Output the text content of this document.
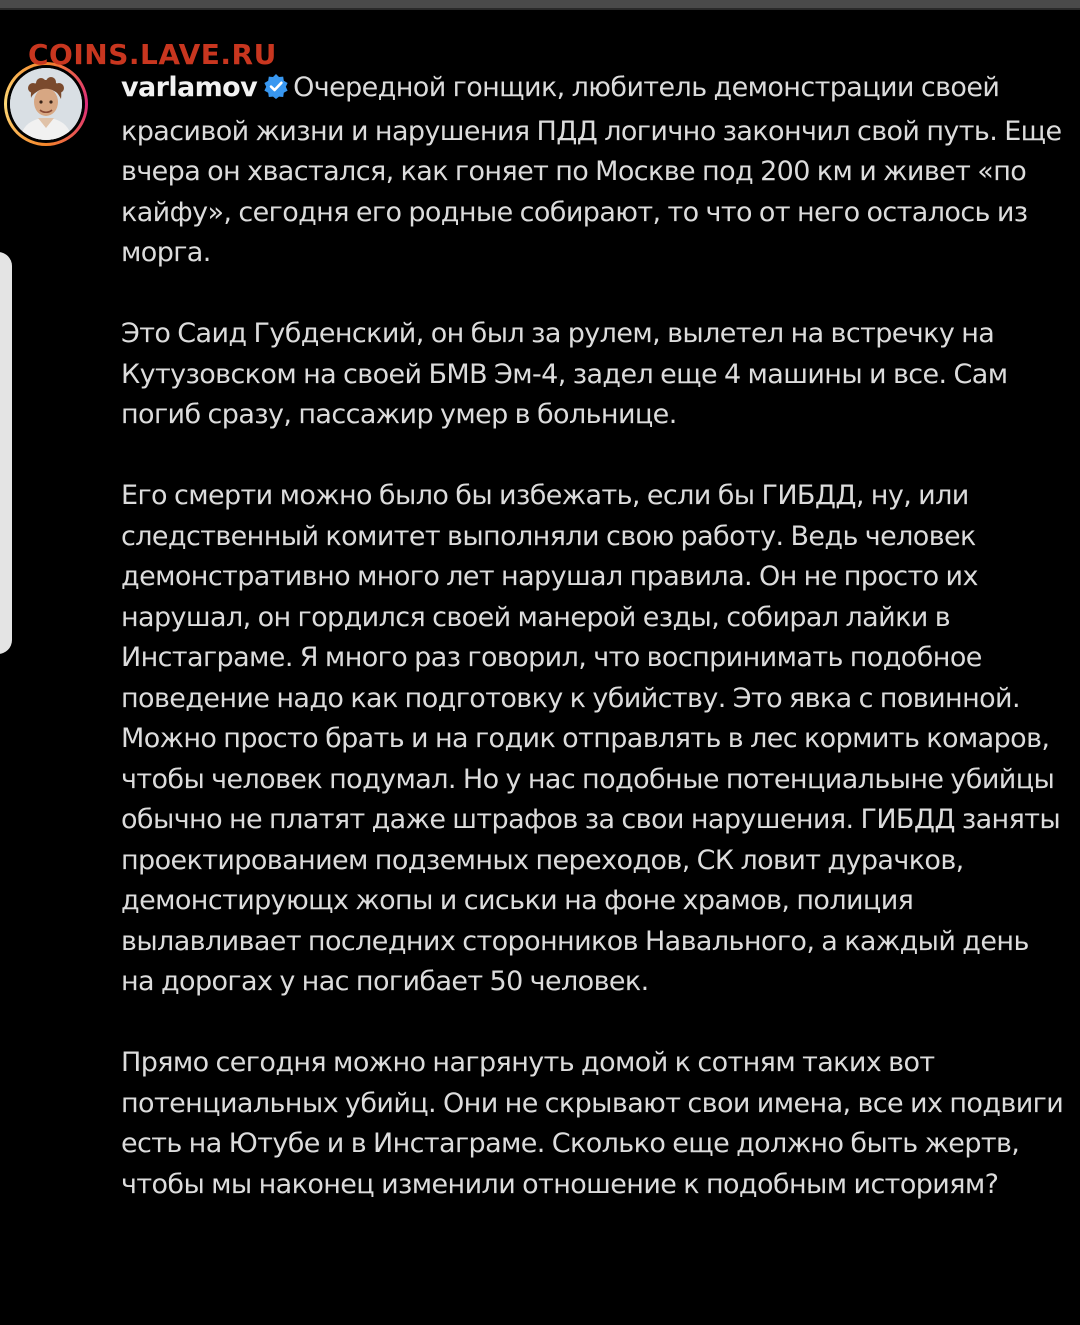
COINS.LAVE.RU

varlamov Очередной гонщик, любитель демонстрации своей красивой жизни и нарушения ПДД логично закончил свой путь. Еще вчера он хвастался, как гоняет по Москве под 200 км и живет «по кайфу», сегодня его родные собирают, то что от него осталось из морга.

Это Саид Губденский, он был за рулем, вылетел на встречку на Кутузовском на своей БМВ Эм-4, задел еще 4 машины и все. Сам погиб сразу, пассажир умер в больнице.

Его смерти можно было бы избежать, если бы ГИБДД, ну, или следственный комитет выполняли свою работу. Ведь человек демонстративно много лет нарушал правила. Он не просто их нарушал, он гордился своей манерой езды, собирал лайки в Инстаграме. Я много раз говорил, что воспринимать подобное поведение надо как подготовку к убийству. Это явка с повинной. Можно просто брать и на годик отправлять в лес кормить комаров, чтобы человек подумал. Но у нас подобные потенциальыне убийцы обычно не платят даже штрафов за свои нарушения. ГИБДД заняты проектированием подземных переходов, СК ловит дурачков, демонстирующх жопы и сиськи на фоне храмов, полиция вылавливает последних сторонников Навального, а каждый день на дорогах у нас погибает 50 человек.

Прямо сегодня можно нагрянуть домой к сотням таких вот потенциальных убийц. Они не скрывают свои имена, все их подвиги есть на Ютубе и в Инстаграме. Сколько еще должно быть жертв, чтобы мы наконец изменили отношение к подобным историям?
